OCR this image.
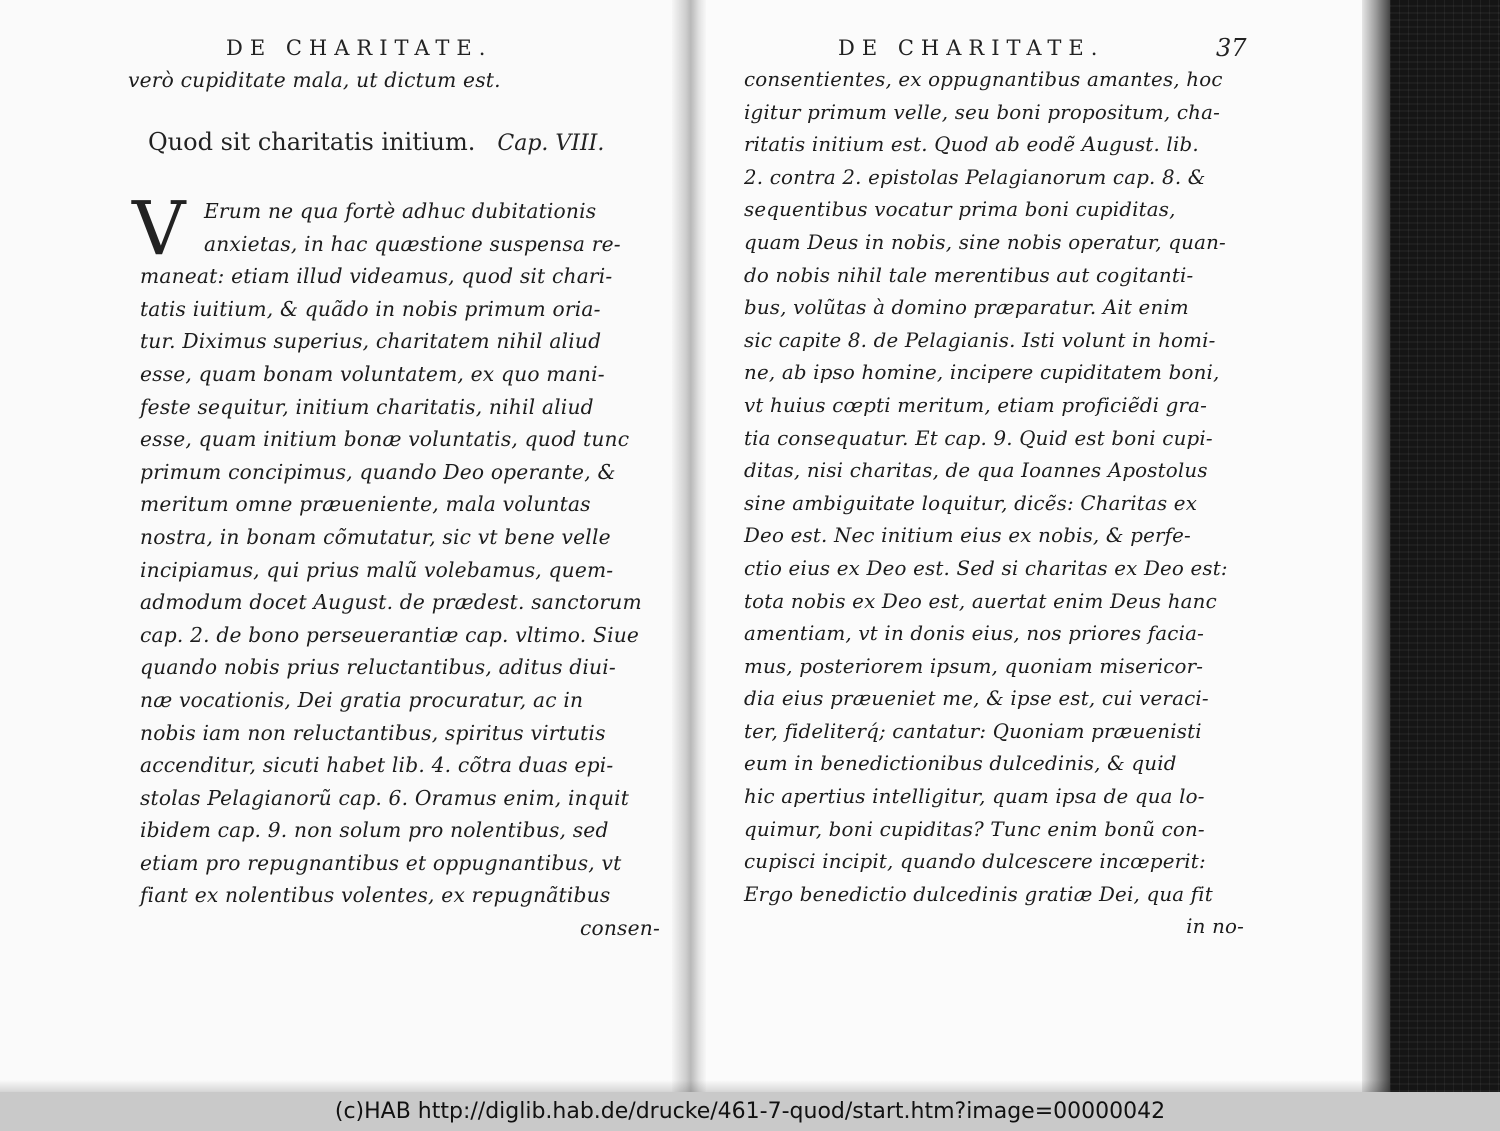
DE CHARITATE.
verò cupiditate mala, ut dictum est.
Quod sit charitatis initium. Cap. VIII.
V Erum ne qua fortè adhuc dubitationis
anxietas, in hac quæstione suspensa re-
maneat: etiam illud videamus, quod sit chari-
tatis iuitium, & quãdo in nobis primum oria-
tur. Diximus superius, charitatem nihil aliud
esse, quam bonam voluntatem, ex quo mani-
feste sequitur, initium charitatis, nihil aliud
esse, quam initium bonæ voluntatis, quod tunc
primum concipimus, quando Deo operante, &
meritum omne præueniente, mala voluntas
nostra, in bonam cõmutatur, sic vt bene velle
incipiamus, qui prius malũ volebamus, quem-
admodum docet August. de prædest. sanctorum
cap. 2. de bono perseuerantiæ cap. vltimo. Siue
quando nobis prius reluctantibus, aditus diui-
næ vocationis, Dei gratia procuratur, ac in
nobis iam non reluctantibus, spiritus virtutis
accenditur, sicuti habet lib. 4. cõtra duas epi-
stolas Pelagianorũ cap. 6. Oramus enim, inquit
ibidem cap. 9. non solum pro nolentibus, sed
etiam pro repugnantibus et oppugnantibus, vt
fiant ex nolentibus volentes, ex repugnãtibus
consen-
DE CHARITATE.	37
consentientes, ex oppugnantibus amantes, hoc
igitur primum velle, seu boni propositum, cha-
ritatis initium est. Quod ab eodẽ August. lib.
2. contra 2. epistolas Pelagianorum cap. 8. &
sequentibus vocatur prima boni cupiditas,
quam Deus in nobis, sine nobis operatur, quan-
do nobis nihil tale merentibus aut cogitanti-
bus, volũtas à domino præparatur. Ait enim
sic capite 8. de Pelagianis. Isti volunt in homi-
ne, ab ipso homine, incipere cupiditatem boni,
vt huius cœpti meritum, etiam proficiẽdi gra-
tia consequatur. Et cap. 9. Quid est boni cupi-
ditas, nisi charitas, de qua Ioannes Apostolus
sine ambiguitate loquitur, dicẽs: Charitas ex
Deo est. Nec initium eius ex nobis, & perfe-
ctio eius ex Deo est. Sed si charitas ex Deo est:
tota nobis ex Deo est, auertat enim Deus hanc
amentiam, vt in donis eius, nos priores facia-
mus, posteriorem ipsum, quoniam misericor-
dia eius præueniet me, & ipse est, cui veraci-
ter, fideliterq́; cantatur: Quoniam præuenisti
eum in benedictionibus dulcedinis, & quid
hic apertius intelligitur, quam ipsa de qua lo-
quimur, boni cupiditas? Tunc enim bonũ con-
cupisci incipit, quando dulcescere incœperit:
Ergo benedictio dulcedinis gratiæ Dei, qua fit
in no-
(c)HAB http://diglib.hab.de/drucke/461-7-quod/start.htm?image=00000042
